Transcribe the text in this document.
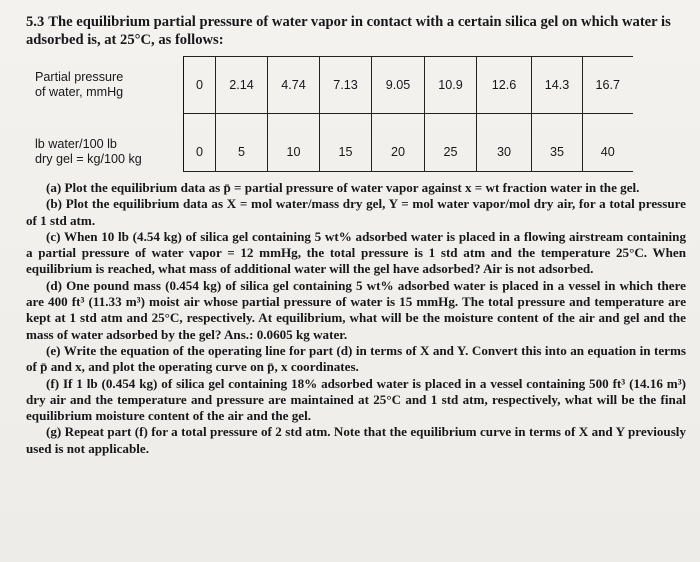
5.3 The equilibrium partial pressure of water vapor in contact with a certain silica gel on which water is adsorbed is, at 25°C, as follows:

Partial pressure
of water, mmHg	0	2.14	4.74	7.13	9.05	10.9	12.6	14.3	16.7

lb water/100 lb
dry gel = kg/100 kg	0	5	10	15	20	25	30	35	40

(a) Plot the equilibrium data as p̄ = partial pressure of water vapor against x = wt fraction water in the gel.

(b) Plot the equilibrium data as X = mol water/mass dry gel, Y = mol water vapor/mol dry air, for a total pressure of 1 std atm.

(c) When 10 lb (4.54 kg) of silica gel containing 5 wt% adsorbed water is placed in a flowing airstream containing a partial pressure of water vapor = 12 mmHg, the total pressure is 1 std atm and the temperature 25°C. When equilibrium is reached, what mass of additional water will the gel have adsorbed? Air is not adsorbed.

(d) One pound mass (0.454 kg) of silica gel containing 5 wt% adsorbed water is placed in a vessel in which there are 400 ft³ (11.33 m³) moist air whose partial pressure of water is 15 mmHg. The total pressure and temperature are kept at 1 std atm and 25°C, respectively. At equilibrium, what will be the moisture content of the air and gel and the mass of water adsorbed by the gel? Ans.: 0.0605 kg water.

(e) Write the equation of the operating line for part (d) in terms of X and Y. Convert this into an equation in terms of p̄ and x, and plot the operating curve on p̄, x coordinates.

(f) If 1 lb (0.454 kg) of silica gel containing 18% adsorbed water is placed in a vessel containing 500 ft³ (14.16 m³) dry air and the temperature and pressure are maintained at 25°C and 1 std atm, respectively, what will be the final equilibrium moisture content of the air and the gel.

(g) Repeat part (f) for a total pressure of 2 std atm. Note that the equilibrium curve in terms of X and Y previously used is not applicable.
